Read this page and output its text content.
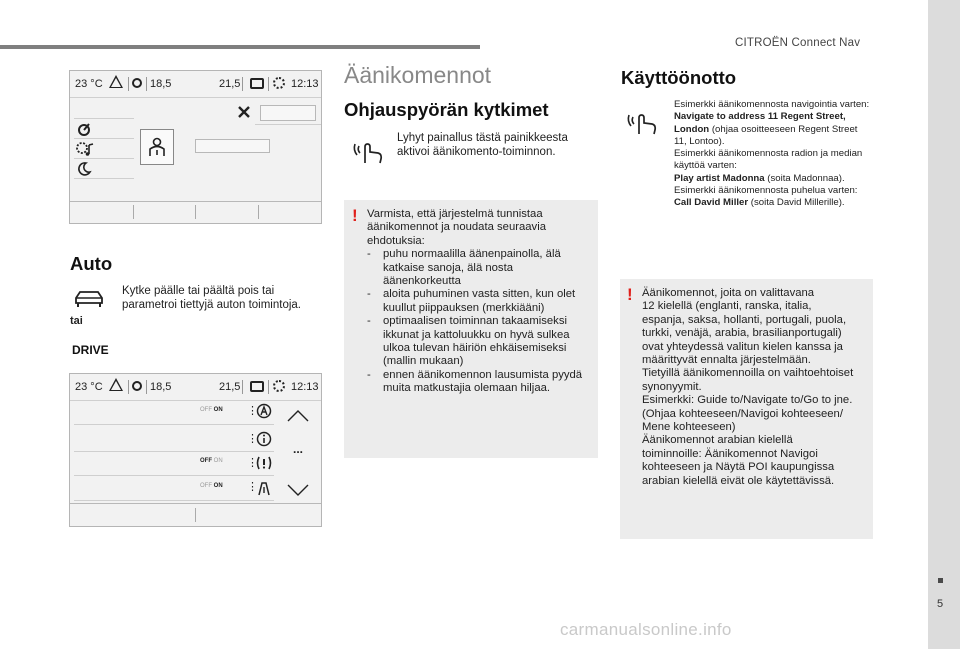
CITROËN Connect Nav
5
carmanualsonline.info
23 °C	18,5	21,5	12:13
Auto
tai
Kytke päälle tai päältä pois tai parametroi tiettyjä auton toimintoja.
DRIVE
23 °C	18,5	21,5	12:13
OFF ON ⋮
⋮
OFF ON ⋮
OFF ON ⋮
...
Äänikomennot
Ohjauspyörän kytkimet
Lyhyt painallus tästä painikkeesta aktivoi äänikomento-toiminnon.
! Varmista, että järjestelmä tunnistaa äänikomennot ja noudata seuraavia ehdotuksia:
- puhu normaalilla äänenpainolla, älä katkaise sanoja, älä nosta äänenkorkeutta
- aloita puhuminen vasta sitten, kun olet kuullut piippauksen (merkkiääni)
- optimaalisen toiminnan takaamiseksi ikkunat ja kattoluukku on hyvä sulkea ulkoa tulevan häiriön ehkäisemiseksi (mallin mukaan)
- ennen äänikomennon lausumista pyydä muita matkustajia olemaan hiljaa.
Käyttöönotto
Esimerkki äänikomennosta navigointia varten:
Navigate to address 11 Regent Street, London (ohjaa osoitteeseen Regent Street 11, Lontoo).
Esimerkki äänikomennosta radion ja median käyttöä varten:
Play artist Madonna (soita Madonnaa).
Esimerkki äänikomennosta puhelua varten:
Call David Miller (soita David Millerille).
! Äänikomennot, joita on valittavana
12 kielellä (englanti, ranska, italia,
espanja, saksa, hollanti, portugali, puola,
turkki, venäjä, arabia, brasilianportugali)
ovat yhteydessä valitun kielen kanssa ja
määrittyvät ennalta järjestelmään.
Tietyillä äänikomennoilla on vaihtoehtoiset
synonyymit.
Esimerkki: Guide to/Navigate to/Go to jne.
(Ohjaa kohteeseen/Navigoi kohteeseen/
Mene kohteeseen)
Äänikomennot arabian kielellä
toiminnoille: Äänikomennot Navigoi
kohteeseen ja Näytä POI kaupungissa
arabian kielellä eivät ole käytettävissä.
